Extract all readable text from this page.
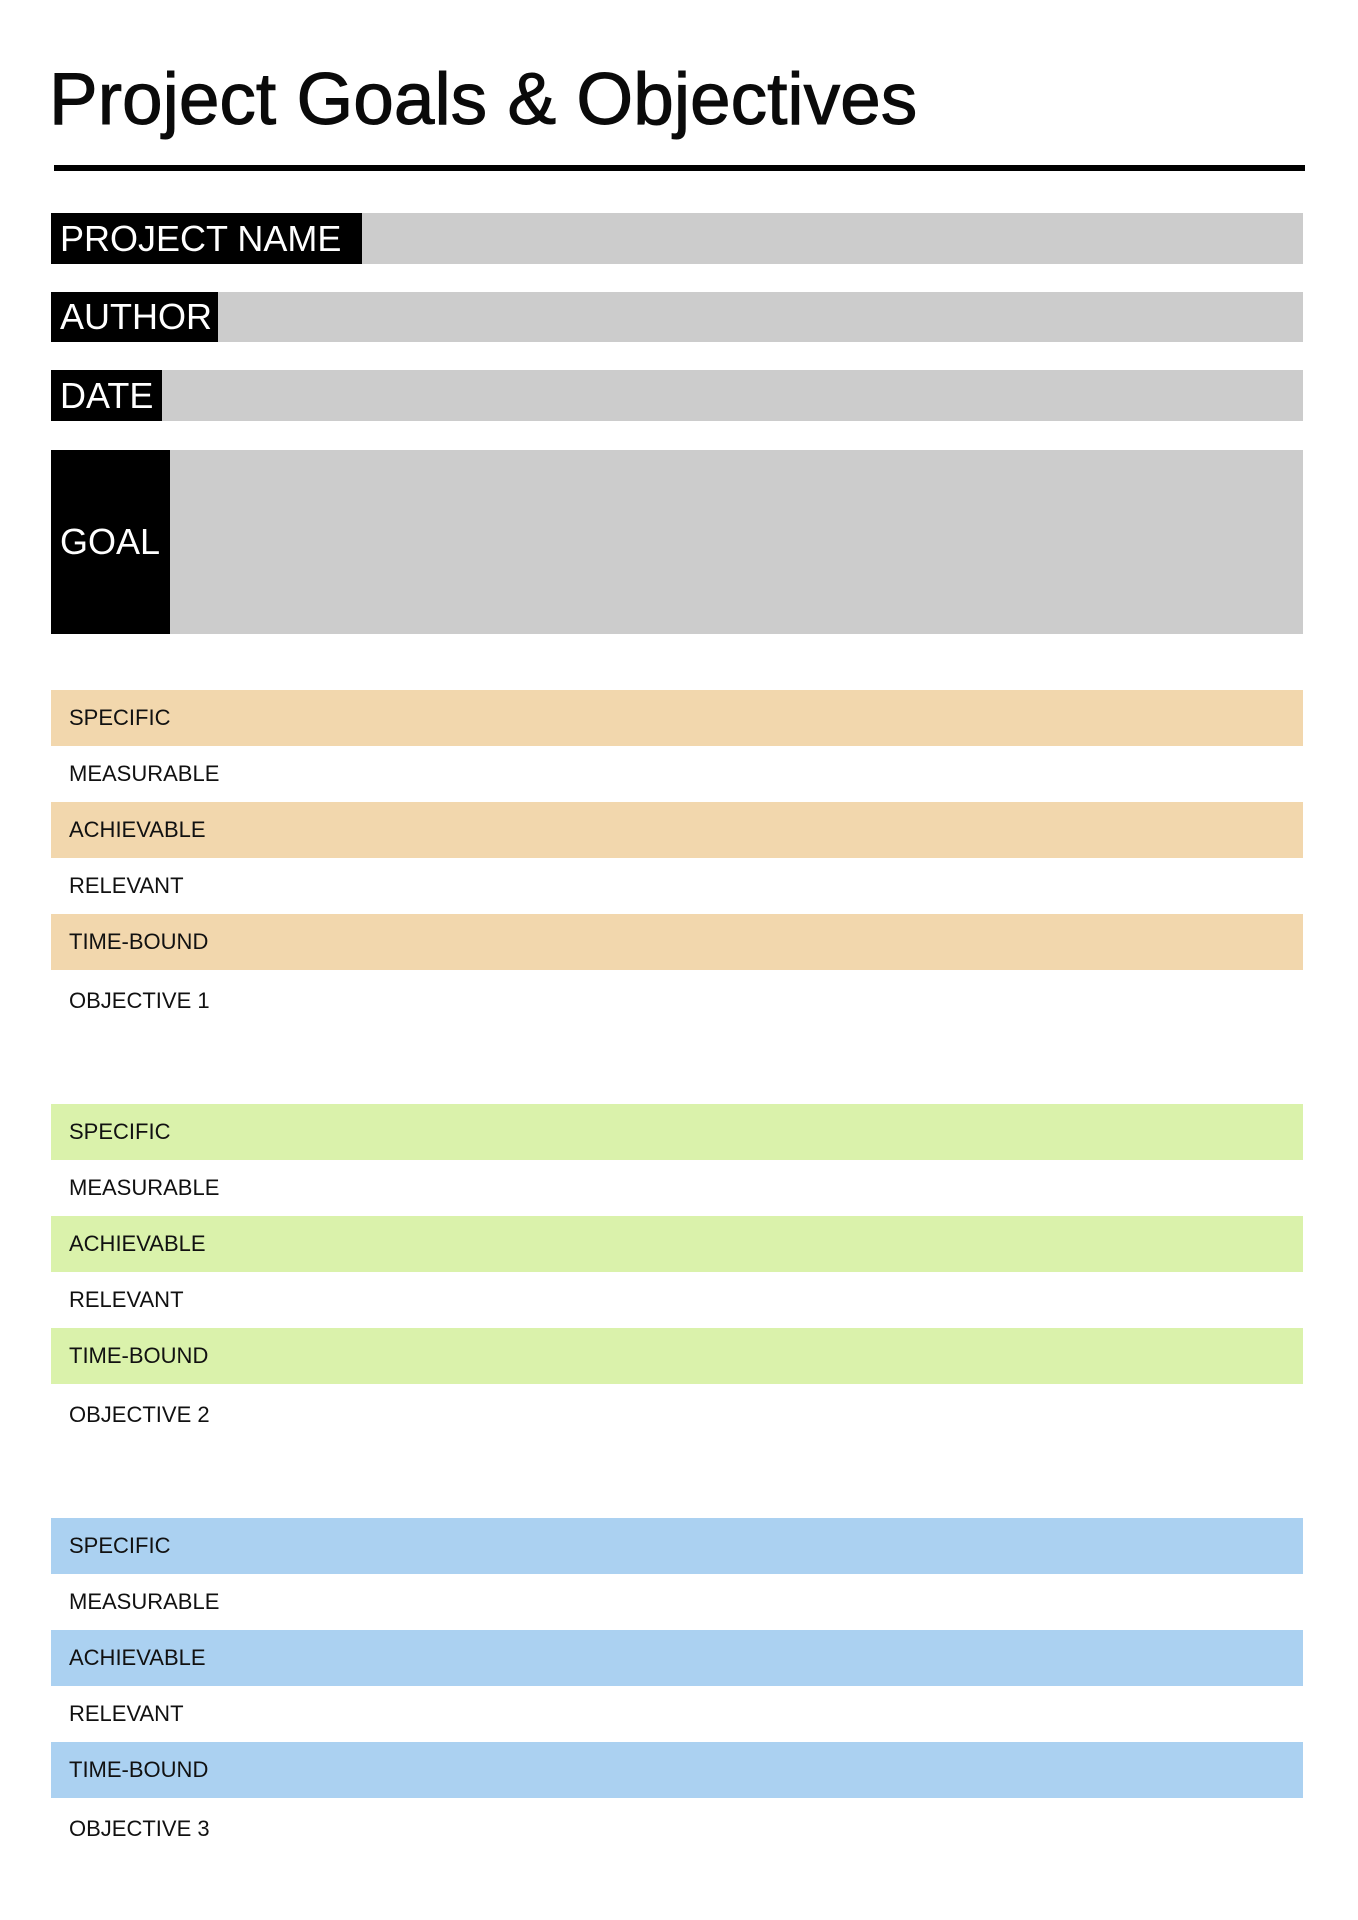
Project Goals & Objectives
PROJECT NAME
AUTHOR
DATE
GOAL
SPECIFIC
MEASURABLE
ACHIEVABLE
RELEVANT
TIME-BOUND
OBJECTIVE 1
SPECIFIC
MEASURABLE
ACHIEVABLE
RELEVANT
TIME-BOUND
OBJECTIVE 2
SPECIFIC
MEASURABLE
ACHIEVABLE
RELEVANT
TIME-BOUND
OBJECTIVE 3
